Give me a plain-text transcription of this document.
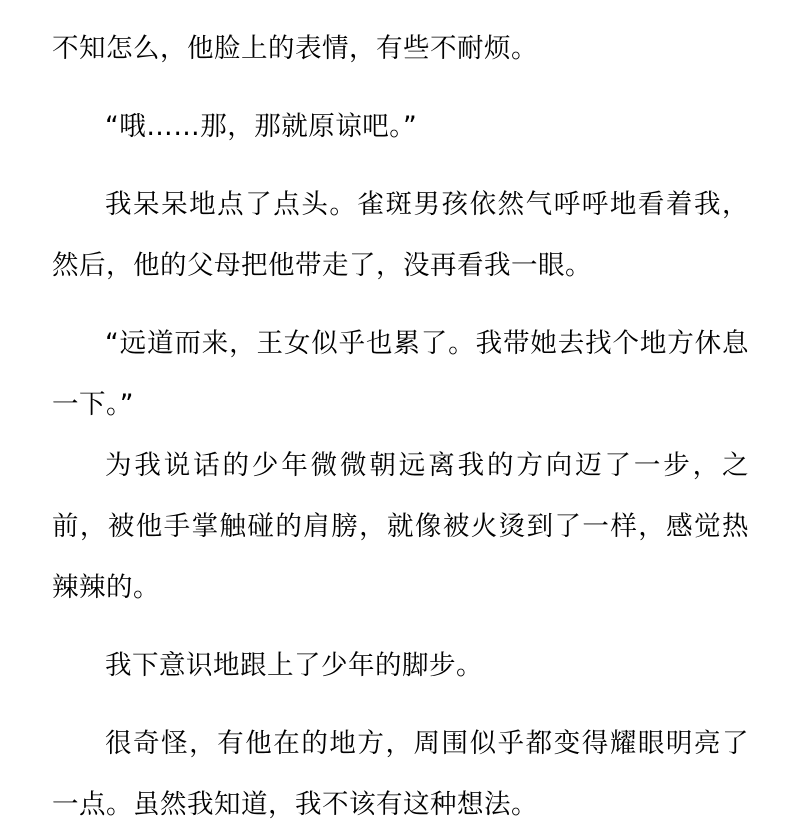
不知怎么，他脸上的表情，有些不耐烦。

“哦……那，那就原谅吧。”

我呆呆地点了点头。雀斑男孩依然气呼呼地看着我，然后，他的父母把他带走了，没再看我一眼。

“远道而来，王女似乎也累了。我带她去找个地方休息一下。”

为我说话的少年微微朝远离我的方向迈了一步，之前，被他手掌触碰的肩膀，就像被火烫到了一样，感觉热辣辣的。

我下意识地跟上了少年的脚步。

很奇怪，有他在的地方，周围似乎都变得耀眼明亮了一点。虽然我知道，我不该有这种想法。
